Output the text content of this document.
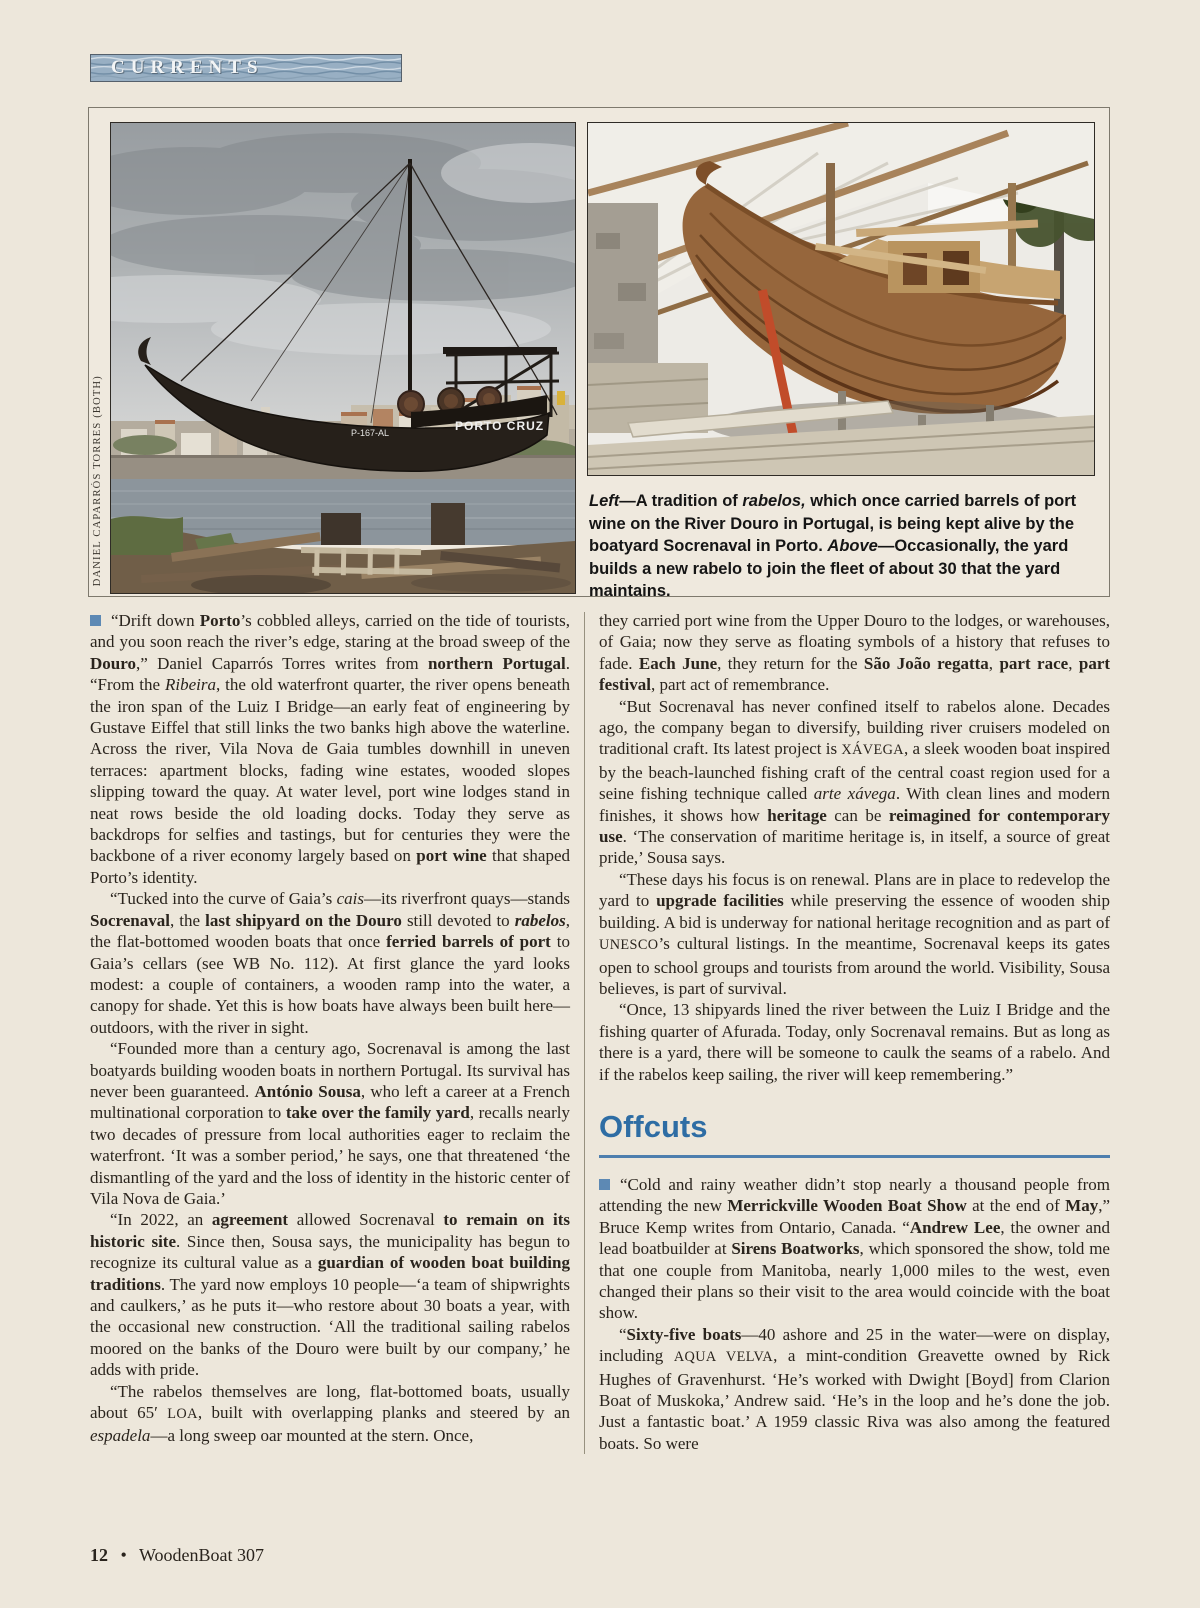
CURRENTS
DANIEL CAPARRÓS TORRES (BOTH)	PORTO CRUZ
P-167-AL
Left—A tradition of rabelos, which once carried barrels of port wine on the River Douro in Portugal, is being kept alive by the boatyard Socrenaval in Porto. Above—Occasionally, the yard builds a new rabelo to join the fleet of about 30 that the yard maintains.

“Drift down Porto’s cobbled alleys, carried on the tide of tourists, and you soon reach the river’s edge, staring at the broad sweep of the Douro,” Daniel Caparrós Torres writes from northern Portugal. “From the Ribeira, the old waterfront quarter, the river opens beneath the iron span of the Luiz I Bridge—an early feat of engineering by Gustave Eiffel that still links the two banks high above the waterline. Across the river, Vila Nova de Gaia tumbles downhill in uneven terraces: apartment blocks, fading wine estates, wooded slopes slipping toward the quay. At water level, port wine lodges stand in neat rows beside the old loading docks. Today they serve as backdrops for selfies and tastings, but for centuries they were the backbone of a river economy largely based on port wine that shaped Porto’s identity.

“Tucked into the curve of Gaia’s cais—its riverfront quays—stands Socrenaval, the last shipyard on the Douro still devoted to rabelos, the flat-bottomed wooden boats that once ferried barrels of port to Gaia’s cellars (see WB No. 112). At first glance the yard looks modest: a couple of containers, a wooden ramp into the water, a canopy for shade. Yet this is how boats have always been built here—outdoors, with the river in sight.

“Founded more than a century ago, Socrenaval is among the last boatyards building wooden boats in northern Portugal. Its survival has never been guaranteed. António Sousa, who left a career at a French multinational corporation to take over the family yard, recalls nearly two decades of pressure from local authorities eager to reclaim the waterfront. ‘It was a somber period,’ he says, one that threatened ‘the dismantling of the yard and the loss of identity in the historic center of Vila Nova de Gaia.’

“In 2022, an agreement allowed Socrenaval to remain on its historic site. Since then, Sousa says, the municipality has begun to recognize its cultural value as a guardian of wooden boat building traditions. The yard now employs 10 people—‘a team of shipwrights and caulkers,’ as he puts it—who restore about 30 boats a year, with the occasional new construction. ‘All the traditional sailing rabelos moored on the banks of the Douro were built by our company,’ he adds with pride.

“The rabelos themselves are long, flat-bottomed boats, usually about 65′ LOA, built with overlapping planks and steered by an espadela—a long sweep oar mounted at the stern. Once,

they carried port wine from the Upper Douro to the lodges, or warehouses, of Gaia; now they serve as floating symbols of a history that refuses to fade. Each June, they return for the São João regatta, part race, part festival, part act of remembrance.

“But Socrenaval has never confined itself to rabelos alone. Decades ago, the company began to diversify, building river cruisers modeled on traditional craft. Its latest project is XÁVEGA, a sleek wooden boat inspired by the beach-launched fishing craft of the central coast region used for a seine fishing technique called arte xávega. With clean lines and modern finishes, it shows how heritage can be reimagined for contemporary use. ‘The conservation of maritime heritage is, in itself, a source of great pride,’ Sousa says.

“These days his focus is on renewal. Plans are in place to redevelop the yard to upgrade facilities while preserving the essence of wooden ship building. A bid is underway for national heritage recognition and as part of UNESCO’s cultural listings. In the meantime, Socrenaval keeps its gates open to school groups and tourists from around the world. Visibility, Sousa believes, is part of survival.

“Once, 13 shipyards lined the river between the Luiz I Bridge and the fishing quarter of Afurada. Today, only Socrenaval remains. But as long as there is a yard, there will be someone to caulk the seams of a rabelo. And if the rabelos keep sailing, the river will keep remembering.”

Offcuts

“Cold and rainy weather didn’t stop nearly a thousand people from attending the new Merrickville Wooden Boat Show at the end of May,” Bruce Kemp writes from Ontario, Canada. “Andrew Lee, the owner and lead boatbuilder at Sirens Boatworks, which sponsored the show, told me that one couple from Manitoba, nearly 1,000 miles to the west, even changed their plans so their visit to the area would coincide with the boat show.

“Sixty-five boats—40 ashore and 25 in the water—were on display, including AQUA VELVA, a mint-condition Greavette owned by Rick Hughes of Gravenhurst. ‘He’s worked with Dwight [Boyd] from Clarion Boat of Muskoka,’ Andrew said. ‘He’s in the loop and he’s done the job. Just a fantastic boat.’ A 1959 classic Riva was also among the featured boats. So were

12 • WoodenBoat 307
